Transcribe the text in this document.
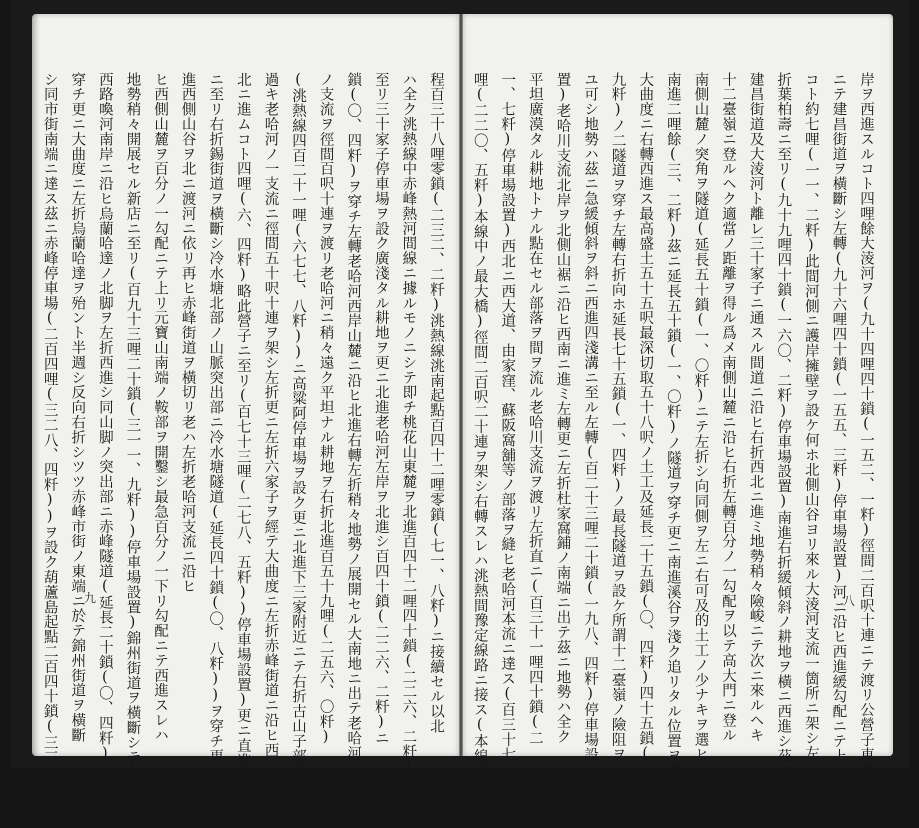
程百三十八哩零鎖(二三二、二粁)洮熱線洮南起點百四十二哩零鎖(七一、八粁)ニ接續セル以北
ハ全ク洮熱線中赤峰熱河間線ニ據ルモノニシテ即チ桃花山東麓ヲ北進百四十二哩四十鎖(二二六、二粁)ニ
至リ三十家子停車場ヲ設ク廣淺タル耕地ヲ更ニ北進老哈河左岸ヲ北進シ百四十鎖(二二六、二粁)ニ
鎖(〇、四粁)ヲ穿チ左轉老哈河西岸山麓ニ沿ヒ北進右轉左折稍々地勢ノ展開セル大南地ニ出テ老哈河
ノ支流ヲ徑間百呎十連ヲ渡リ老哈河ニ稍々遠ク平坦ナル耕地ヲ右折北進百五十九哩(二五六、〇粁)
(洮熱線四百二十一哩(六七七、八粁))ニ高粱阿停車場ヲ設ク更ニ北進下三家附近ニテ右折古山子部落ヲ
過キ老哈河ノ一支流ニ徑間五十呎十連ヲ架シ左折更ニ左折六家子ヲ經テ大曲度ニ左折赤峰街道ニ沿ヒ西
北ニ進ムコト四哩(六、四粁)略此營子ニ至リ(百七十三哩(二七八、五粁))停車場設置)更ニ直進後莫里河
ニ至リ右折錫街道ヲ橫斷シ冷水塘北部ノ山脈突出部ニ冷水塘隧道(延長四十鎖(〇、八粁))ヲ穿チ更ニ北
進西側山谷ヲ北ニ渡河ニ依リ再ヒ赤峰街道ヲ橫切リ老ハ左折老哈河支流ニ沿ヒ
ヒ西側山麓ヲ百分ノ一勾配ニテ上リ元寶山南端ノ鞍部ヲ開鑿シ最急百分ノ一下リ勾配ニテ西進スレハ
地勢稍々開展セル新店ニ至リ(百九十三哩二十鎖(三一一、九粁))停車場設置)錦州街道ヲ橫斷シテ右折
西路喚河南岸ニ沿ヒ烏蘭哈達ノ北脚ヲ左折西進シ同山脚ノ突出部ニ赤峰隧道(延長二十鎖(〇、四粁))ヲ
穿チ更ニ大曲度ニ左折烏蘭哈達ヲ殆ント半週シ反向右折シツツ赤峰市街ノ東端ニ於テ錦州街道ヲ橫斷
シ同市街南端ニ達ス茲ニ赤峰停車場(二百四哩(三二八、四粁))ヲ設ク葫蘆島起點二百四十鎖(三三	九	岸ヲ西進スルコト四哩餘大淩河ヲ(九十四哩四十鎖(一五二、一粁)徑間二百呎十連ニテ渡リ公營子東端
ニテ建昌街道ヲ橫斷シ左轉(九十六哩四十鎖(一五五、三粁)停車場設置)河ニ沿ヒ西進緩勾配ニテ上ル
コト約七哩(一一、二粁)此間河側ニ護岸擁壁ヲ設ケ何ホ北側山谷ヨリ來ル大淩河支流一箇所ニ架シ左
折葉柏壽ニ至リ(九十九哩四十鎖(一六〇、二粁)停車場設置)南進右折緩傾斜ノ耕地ヲ橫ニ西進シ茲ニ
建昌街道及大淩河ト離レ三十家子ニ通スル間道ニ沿ヒ右折西北ニ進ミ地勢稍々險峻ニテ次ニ來ルヘキ
十二臺嶺ニ登ルヘク適當ノ距離ヲ得ル爲メ南側山麓ニ沿ヒ右折左轉百分ノ一勾配ヲ以テ高大門ニ登ル
南側山麓ノ突角ヲ隧道(延長五十鎖(一、〇粁)ニテ左折シ向同側ヲ左ニ右可及的土工ノ少ナキヲ選ヒ
南進二哩餘(三、二粁)茲ニ延長五十鎖(一、〇粁)ノ隧道ヲ穿チ更ニ南進溪谷ヲ淺ク追リタル位置ヲ選ヒ
大曲度ニ右轉西進ス最高盛土五十五呎最深切取五十八呎ノ土工及延長二十五鎖(〇、四粁)四十五鎖(〇、
九粁)ノ二隧道ヲ穿チ左轉右折向ホ延長七十五鎖(一、四粁)ノ最長隧道ヲ設ケ所謂十二臺嶺ノ險阻ヲ超
ユ可シ地勢ハ茲ニ急緩傾斜ヲ斜ニ西進四淺溝ニ至ル左轉(百二十三哩二十鎖(一九八、四粁)停車場設
置)老哈川支流北岸ヲ北側山裾ニ沿ヒ西南ニ進ミ左轉更ニ左折杜家窩鋪ノ南端ニ出テ茲ニ地勢ハ全ク
平坦廣漠タル耕地トナル點在セル部落ヲ間ヲ流ル老哈川支流ヲ渡リ左折直ニ(百三十一哩四十鎖(二
一、七粁)停車場設置)西北ニ西大道、由家窪、蘇阪窩舖等ノ部落ヲ縫ヒ老哈河本流ニ達ス(百三十七
哩(二二〇、五粁)本線中ノ最大橋)徑間二百呎二十連ヲ架シ右轉スレハ洮熱間豫定線路ニ接ス(本線哩	八
